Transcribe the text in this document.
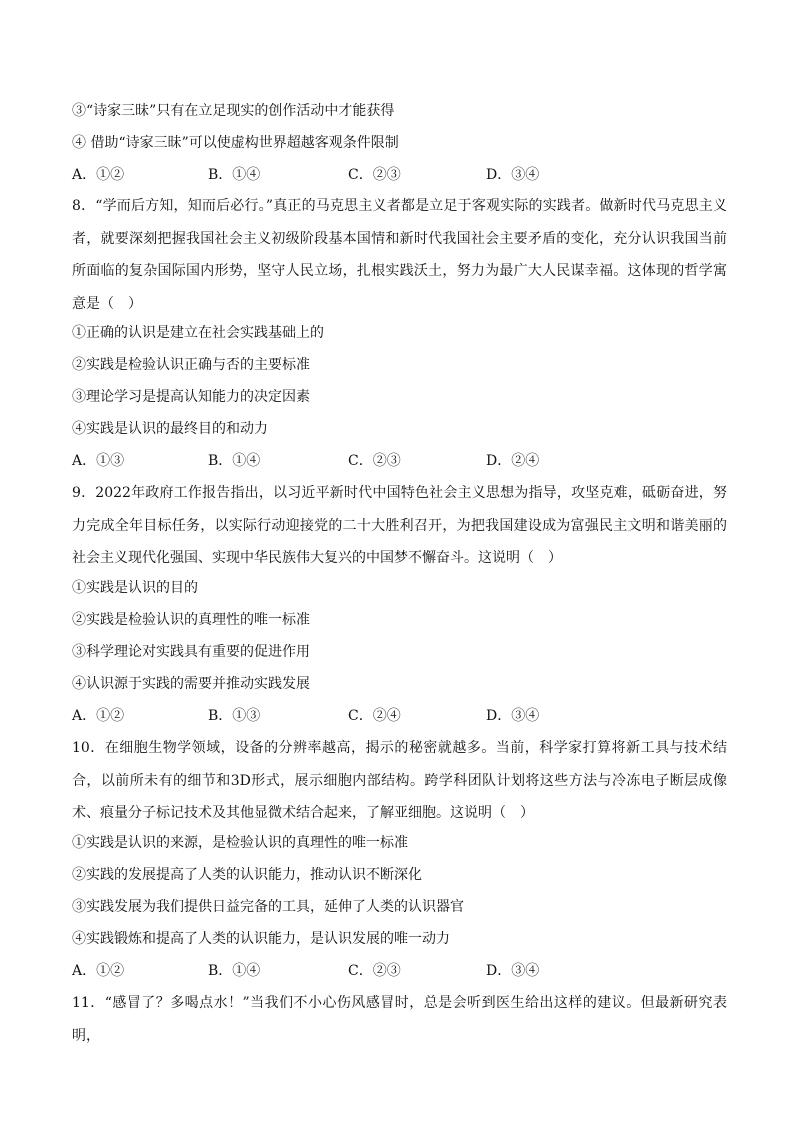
③“诗家三昧”只有在立足现实的创作活动中才能获得
④ 借助“诗家三昧”可以使虚构世界超越客观条件限制
A．①②	B．①④	C．②③	D．③④
8．“学而后方知，知而后必行。”真正的马克思主义者都是立足于客观实际的实践者。做新时代马克思主义者，就要深刻把握我国社会主义初级阶段基本国情和新时代我国社会主要矛盾的变化，充分认识我国当前所面临的复杂国际国内形势，坚守人民立场，扎根实践沃土，努力为最广大人民谋幸福。这体现的哲学寓意是（　）
①正确的认识是建立在社会实践基础上的
②实践是检验认识正确与否的主要标准
③理论学习是提高认知能力的决定因素
④实践是认识的最终目的和动力
A．①③	B．①④	C．②③	D．②④
9．2022年政府工作报告指出，以习近平新时代中国特色社会主义思想为指导，攻坚克难，砥砺奋进，努力完成全年目标任务，以实际行动迎接党的二十大胜利召开，为把我国建设成为富强民主文明和谐美丽的社会主义现代化强国、实现中华民族伟大复兴的中国梦不懈奋斗。这说明（　）
①实践是认识的目的
②实践是检验认识的真理性的唯一标准
③科学理论对实践具有重要的促进作用
④认识源于实践的需要并推动实践发展
A．①②	B．①③	C．②④	D．③④
10．在细胞生物学领域，设备的分辨率越高，揭示的秘密就越多。当前，科学家打算将新工具与技术结合，以前所未有的细节和3D形式，展示细胞内部结构。跨学科团队计划将这些方法与冷冻电子断层成像术、痕量分子标记技术及其他显微术结合起来，了解亚细胞。这说明（　）
①实践是认识的来源，是检验认识的真理性的唯一标准
②实践的发展提高了人类的认识能力，推动认识不断深化
③实践发展为我们提供日益完备的工具，延伸了人类的认识器官
④实践锻炼和提高了人类的认识能力，是认识发展的唯一动力
A．①②	B．①④	C．②③	D．③④
11．“感冒了？多喝点水！”当我们不小心伤风感冒时，总是会听到医生给出这样的建议。但最新研究表明，
